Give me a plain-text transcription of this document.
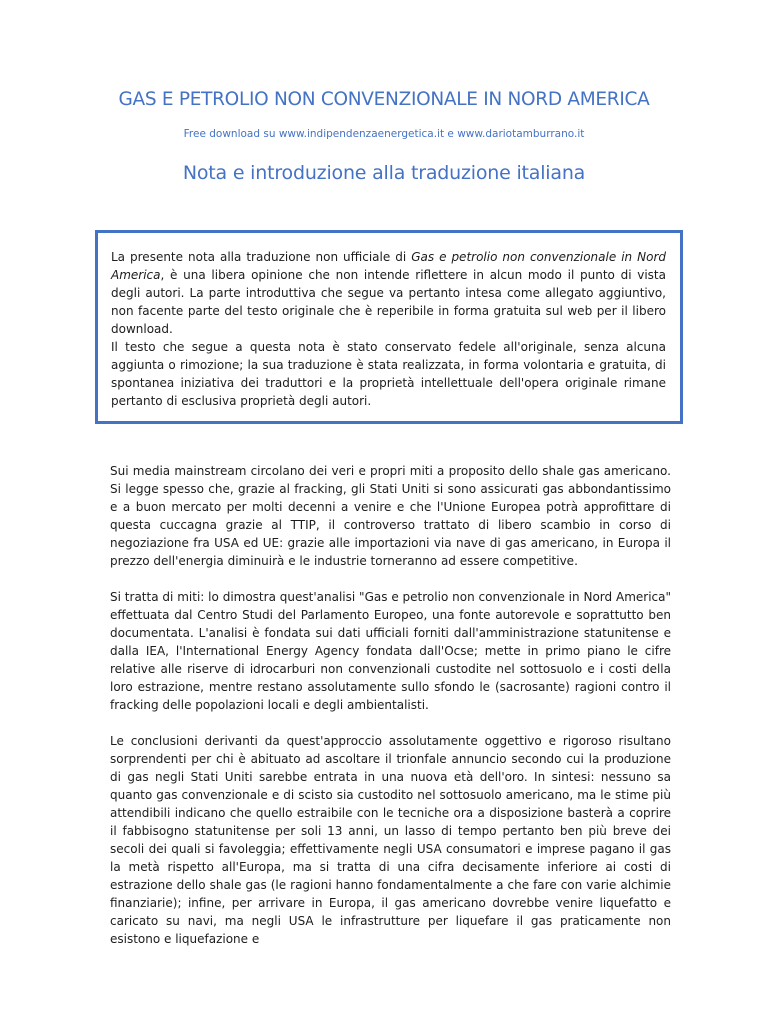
GAS E PETROLIO NON CONVENZIONALE IN NORD AMERICA
Free download su www.indipendenzaenergetica.it e www.dariotamburrano.it
Nota e introduzione alla traduzione italiana

La presente nota alla traduzione non ufficiale di Gas e petrolio non convenzionale in Nord America, è una libera opinione che non intende riflettere in alcun modo il punto di vista degli autori. La parte introduttiva che segue va pertanto intesa come allegato aggiuntivo, non facente parte del testo originale che è reperibile in forma gratuita sul web per il libero download.

Il testo che segue a questa nota è stato conservato fedele all'originale, senza alcuna aggiunta o rimozione; la sua traduzione è stata realizzata, in forma volontaria e gratuita, di spontanea iniziativa dei traduttori e la proprietà intellettuale dell'opera originale rimane pertanto di esclusiva proprietà degli autori.

Sui media mainstream circolano dei veri e propri miti a proposito dello shale gas americano. Si legge spesso che, grazie al fracking, gli Stati Uniti si sono assicurati gas abbondantissimo e a buon mercato per molti decenni a venire e che l'Unione Europea potrà approfittare di questa cuccagna grazie al TTIP, il controverso trattato di libero scambio in corso di negoziazione fra USA ed UE: grazie alle importazioni via nave di gas americano, in Europa il prezzo dell'energia diminuirà e le industrie torneranno ad essere competitive.

Si tratta di miti: lo dimostra quest'analisi "Gas e petrolio non convenzionale in Nord America" effettuata dal Centro Studi del Parlamento Europeo, una fonte autorevole e soprattutto ben documentata. L'analisi è fondata sui dati ufficiali forniti dall'amministrazione statunitense e dalla IEA, l'International Energy Agency fondata dall'Ocse; mette in primo piano le cifre relative alle riserve di idrocarburi non convenzionali custodite nel sottosuolo e i costi della loro estrazione, mentre restano assolutamente sullo sfondo le (sacrosante) ragioni contro il fracking delle popolazioni locali e degli ambientalisti.

Le conclusioni derivanti da quest'approccio assolutamente oggettivo e rigoroso risultano sorprendenti per chi è abituato ad ascoltare il trionfale annuncio secondo cui la produzione di gas negli Stati Uniti sarebbe entrata in una nuova età dell'oro. In sintesi: nessuno sa quanto gas convenzionale e di scisto sia custodito nel sottosuolo americano, ma le stime più attendibili indicano che quello estraibile con le tecniche ora a disposizione basterà a coprire il fabbisogno statunitense per soli 13 anni, un lasso di tempo pertanto ben più breve dei secoli dei quali si favoleggia; effettivamente negli USA consumatori e imprese pagano il gas la metà rispetto all'Europa, ma si tratta di una cifra decisamente inferiore ai costi di estrazione dello shale gas (le ragioni hanno fondamentalmente a che fare con varie alchimie finanziarie); infine, per arrivare in Europa, il gas americano dovrebbe venire liquefatto e caricato su navi, ma negli USA le infrastrutture per liquefare il gas praticamente non esistono e liquefazione e
